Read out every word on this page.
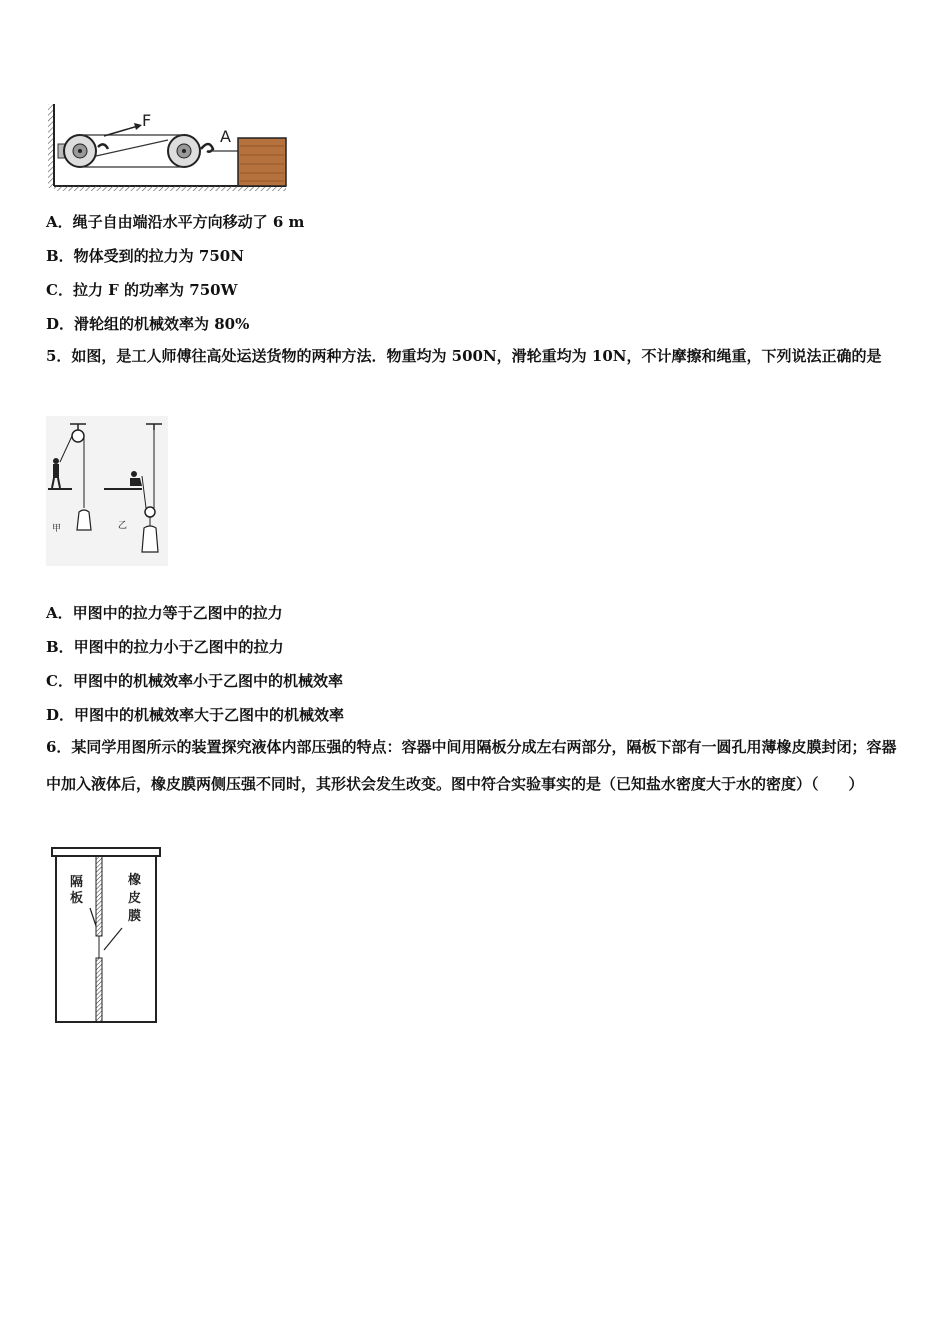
F
A
A．绳子自由端沿水平方向移动了 6 m
B．物体受到的拉力为 750N
C．拉力 F 的功率为 750W
D．滑轮组的机械效率为 80%
5．如图，是工人师傅往高处运送货物的两种方法．物重均为 500N，滑轮重均为 10N，不计摩擦和绳重，下列说法正确的是
甲	乙
A．甲图中的拉力等于乙图中的拉力
B．甲图中的拉力小于乙图中的拉力
C．甲图中的机械效率小于乙图中的机械效率
D．甲图中的机械效率大于乙图中的机械效率
6．某同学用图所示的装置探究液体内部压强的特点：容器中间用隔板分成左右两部分，隔板下部有一圆孔用薄橡皮膜封闭；容器中加入液体后，橡皮膜两侧压强不同时，其形状会发生改变。图中符合实验事实的是（已知盐水密度大于水的密度）（　　）
隔 板
橡 皮 膜
